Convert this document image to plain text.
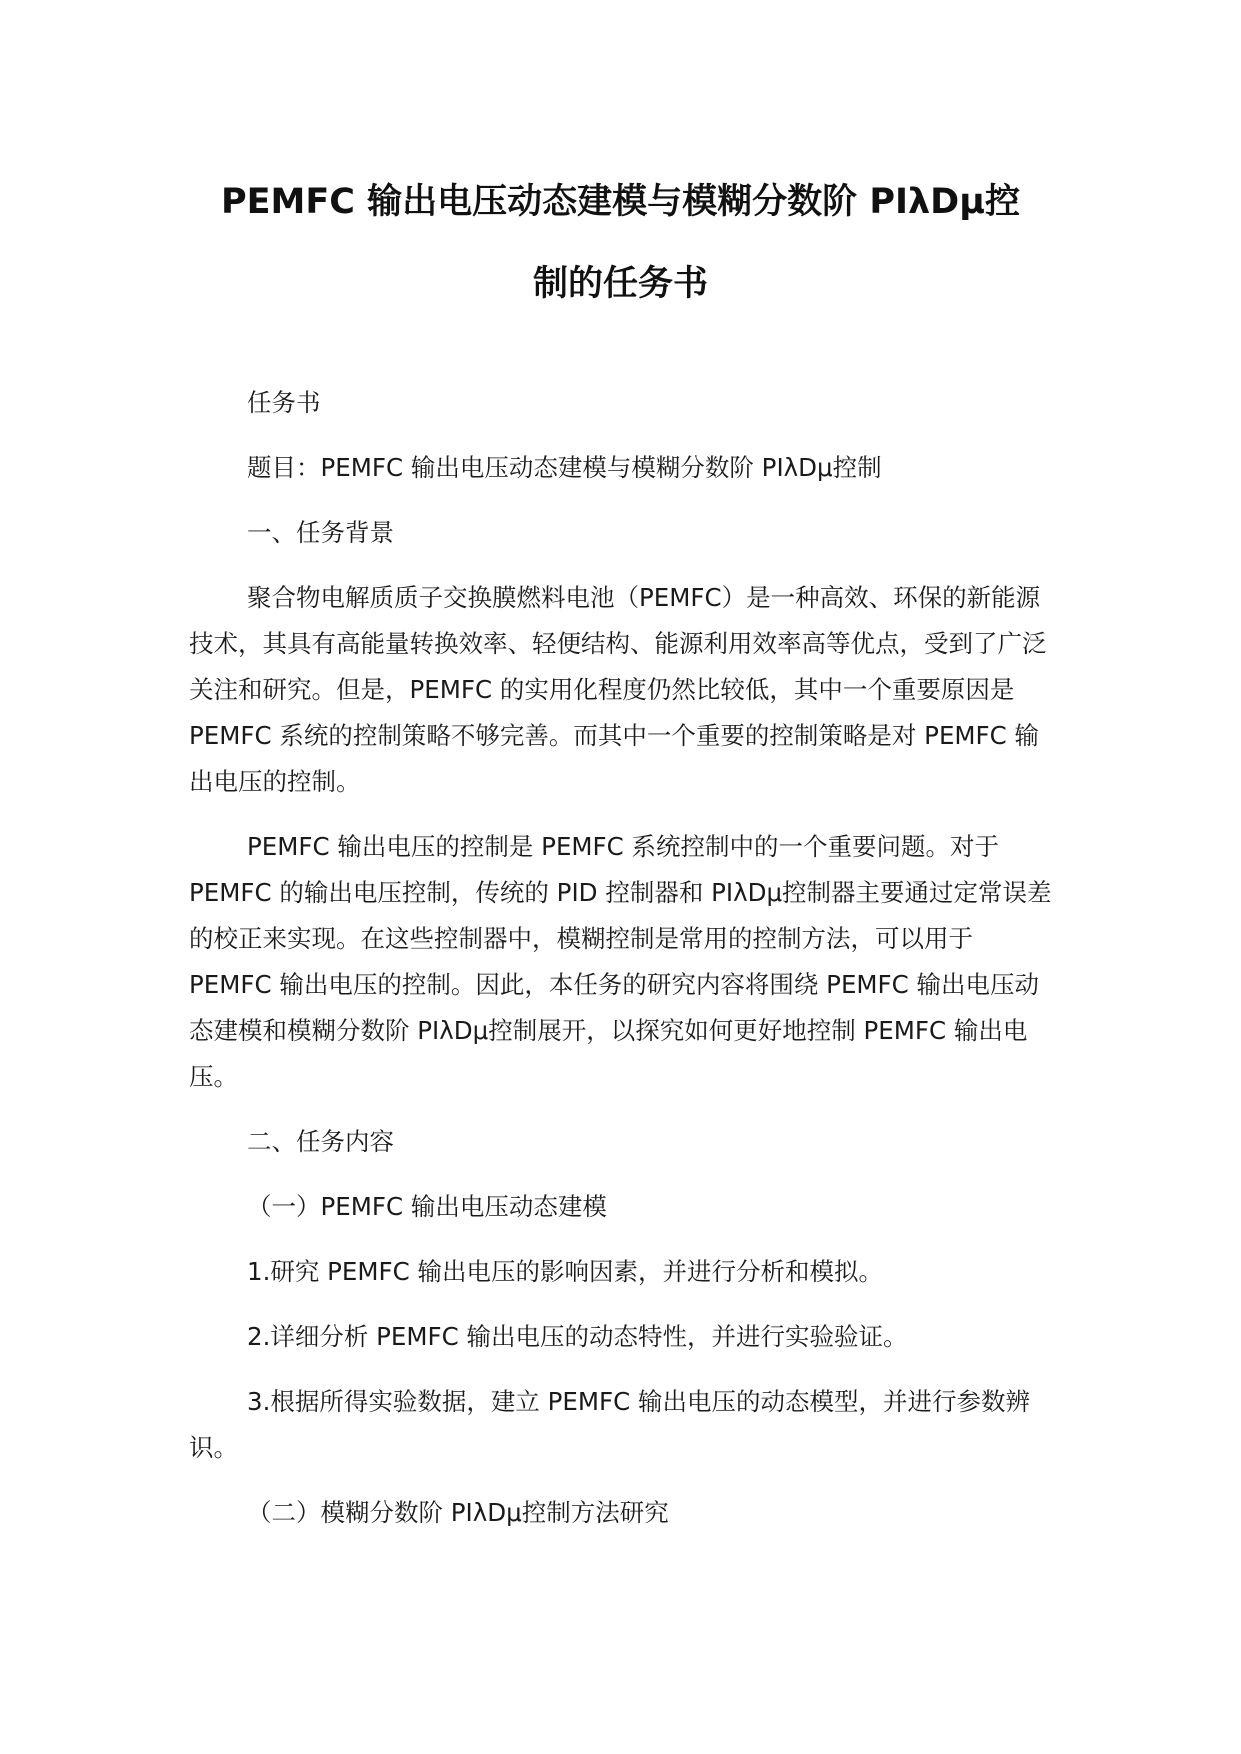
PEMFC 输出电压动态建模与模糊分数阶 PIλDμ控
制的任务书

任务书

题目：PEMFC 输出电压动态建模与模糊分数阶 PIλDμ控制

一、任务背景

聚合物电解质质子交换膜燃料电池（PEMFC）是一种高效、环保的新能源技术，其具有高能量转换效率、轻便结构、能源利用效率高等优点，受到了广泛关注和研究。但是，PEMFC 的实用化程度仍然比较低，其中一个重要原因是 PEMFC 系统的控制策略不够完善。而其中一个重要的控制策略是对 PEMFC 输出电压的控制。

PEMFC 输出电压的控制是 PEMFC 系统控制中的一个重要问题。对于 PEMFC 的输出电压控制，传统的 PID 控制器和 PIλDμ控制器主要通过定常误差的校正来实现。在这些控制器中，模糊控制是常用的控制方法，可以用于 PEMFC 输出电压的控制。因此，本任务的研究内容将围绕 PEMFC 输出电压动态建模和模糊分数阶 PIλDμ控制展开，以探究如何更好地控制 PEMFC 输出电压。

二、任务内容

（一）PEMFC 输出电压动态建模

1.研究 PEMFC 输出电压的影响因素，并进行分析和模拟。

2.详细分析 PEMFC 输出电压的动态特性，并进行实验验证。

3.根据所得实验数据，建立 PEMFC 输出电压的动态模型，并进行参数辨识。

（二）模糊分数阶 PIλDμ控制方法研究
